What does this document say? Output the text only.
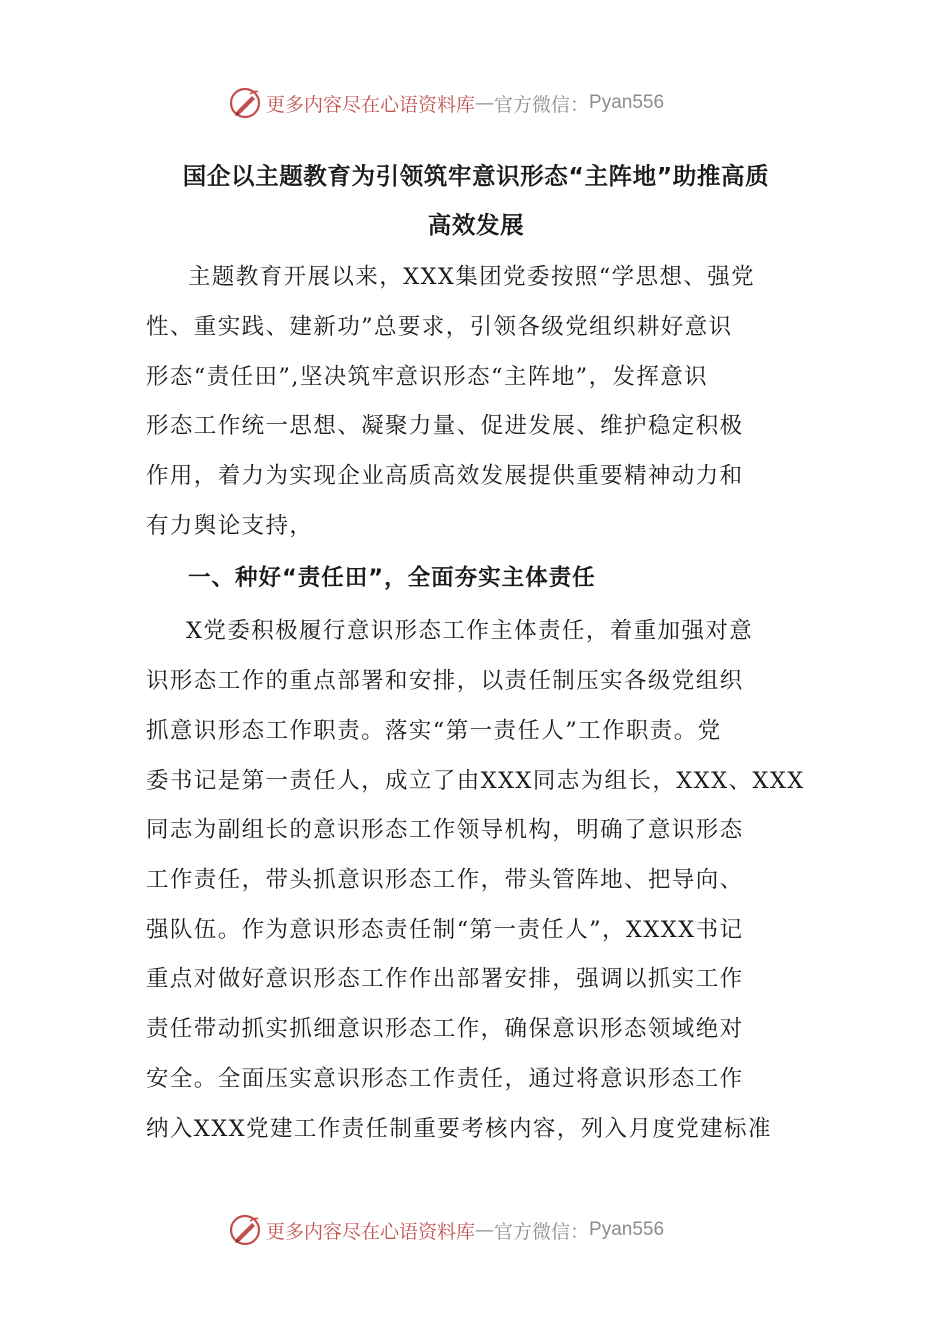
更多内容尽在心语资料库 — 官方微信： Pyan556
国企以主题教育为引领筑牢意识形态“主阵地”助推高质
高效发展

主题教育开展以来，XXX集团党委按照“学思想、强党

性、重实践、建新功”总要求，引领各级党组织耕好意识

形态“责任田”,坚决筑牢意识形态“主阵地”，发挥意识

形态工作统一思想、凝聚力量、促进发展、维护稳定积极

作用，着力为实现企业高质高效发展提供重要精神动力和

有力舆论支持，

一、种好“责任田”，全面夯实主体责任

X党委积极履行意识形态工作主体责任，着重加强对意

识形态工作的重点部署和安排，以责任制压实各级党组织

抓意识形态工作职责。落实“第一责任人”工作职责。党

委书记是第一责任人，成立了由XXX同志为组长，XXX、XXX

同志为副组长的意识形态工作领导机构，明确了意识形态

工作责任，带头抓意识形态工作，带头管阵地、把导向、

强队伍。作为意识形态责任制“第一责任人”，XXXX书记

重点对做好意识形态工作作出部署安排，强调以抓实工作

责任带动抓实抓细意识形态工作，确保意识形态领域绝对

安全。全面压实意识形态工作责任，通过将意识形态工作

纳入XXX党建工作责任制重要考核内容，列入月度党建标准

更多内容尽在心语资料库 — 官方微信： Pyan556
